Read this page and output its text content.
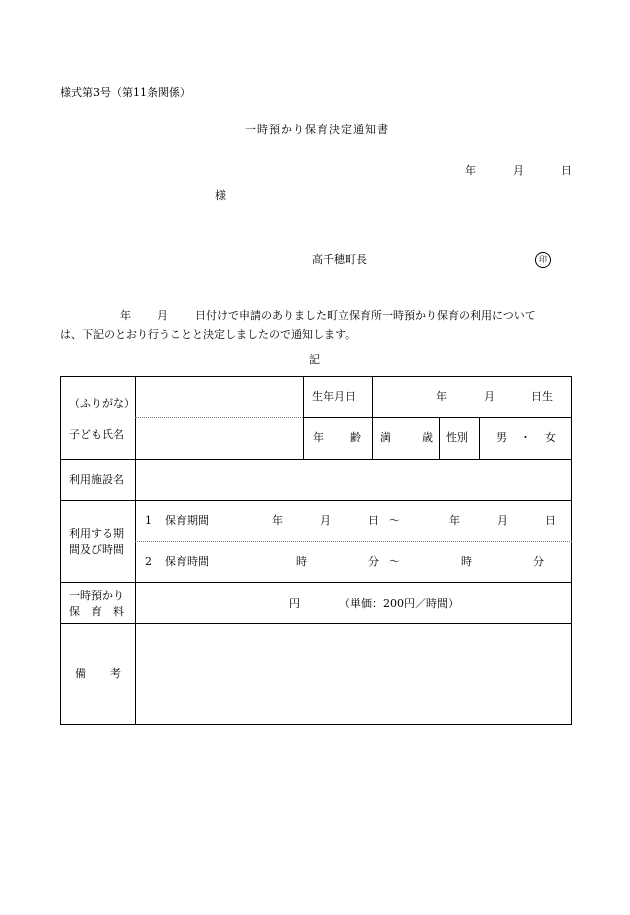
様式第3号（第11条関係）
一時預かり保育決定通知書
年	月	日
様
高千穂町長	印
年 月 日付けで申請のありました町立保育所一時預かり保育の利用について
は、下記のとおり行うことと決定しましたので通知します。
記
（ふりがな）
子ども氏名
生年月日	年	月	日生
年 齢 満	歳 性別	男 ・ 女
利用施設名
利用する期
間及び時間
1 保育期間	年	月	日 ～	年	月	日
2 保育時間	時	分 ～	時	分
一時預かり
保　育　料
円	（単価：200円／時間）
備 考
